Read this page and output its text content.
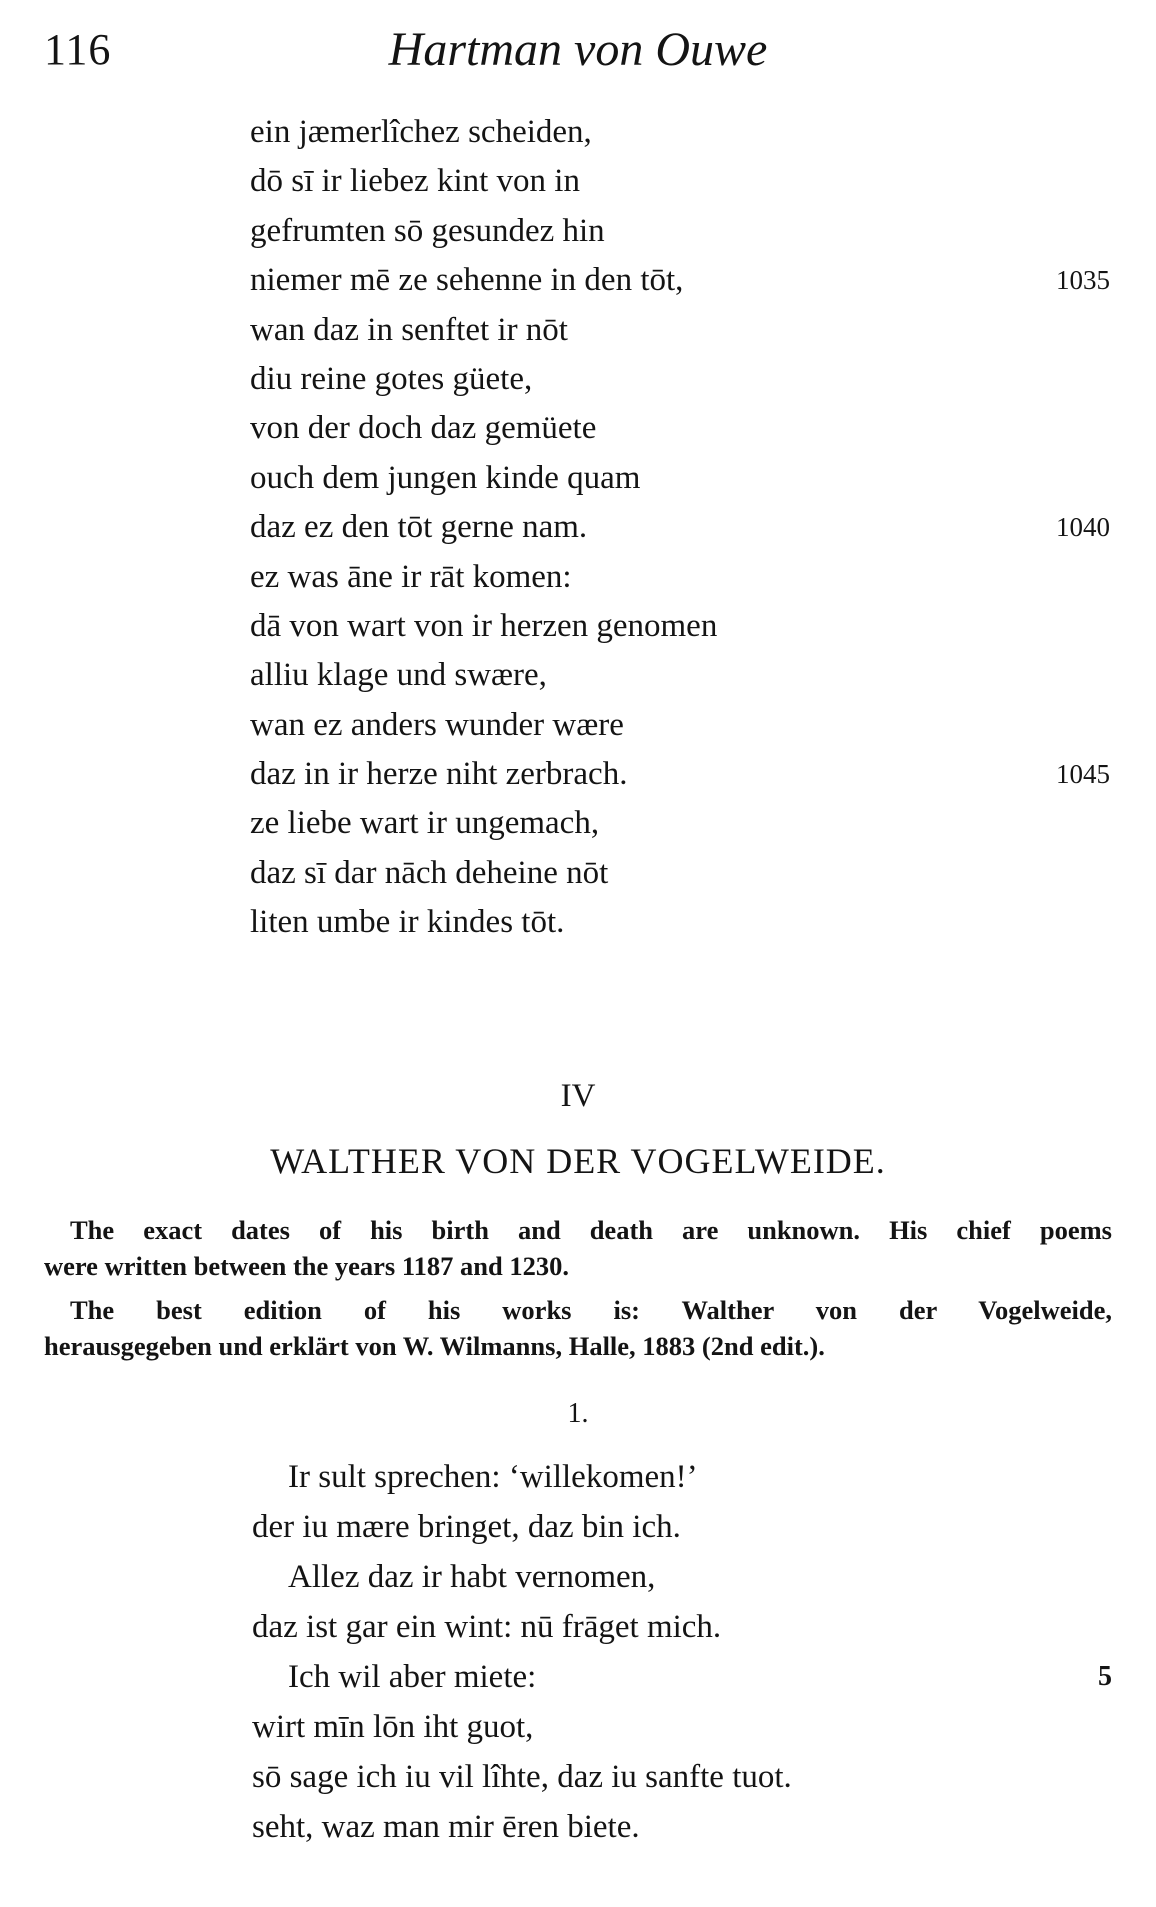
116	Hartman von Ouwe
ein jæmerlîchez scheiden,
dō sī ir liebez kint von in
gefrumten sō gesundez hin
niemer mē ze sehenne in den tōt,	1035
wan daz in senftet ir nōt
diu reine gotes güete,
von der doch daz gemüete
ouch dem jungen kinde quam
daz ez den tōt gerne nam.	1040
ez was āne ir rāt komen:
dā von wart von ir herzen genomen
alliu klage und swære,
wan ez anders wunder wære
daz in ir herze niht zerbrach.	1045
ze liebe wart ir ungemach,
daz sī dar nāch deheine nōt
liten umbe ir kindes tōt.
IV
WALTHER VON DER VOGELWEIDE.
The exact dates of his birth and death are unknown. His chief poems
were written between the years 1187 and 1230.
The best edition of his works is: Walther von der Vogelweide,
herausgegeben und erklärt von W. Wilmanns, Halle, 1883 (2nd edit.).
1.
Ir sult sprechen: ‘willekomen!’
der iu mære bringet, daz bin ich.
Allez daz ir habt vernomen,
daz ist gar ein wint: nū frāget mich.
Ich wil aber miete:	5
wirt mīn lōn iht guot,
sō sage ich iu vil lîhte, daz iu sanfte tuot.
seht, waz man mir ēren biete.
